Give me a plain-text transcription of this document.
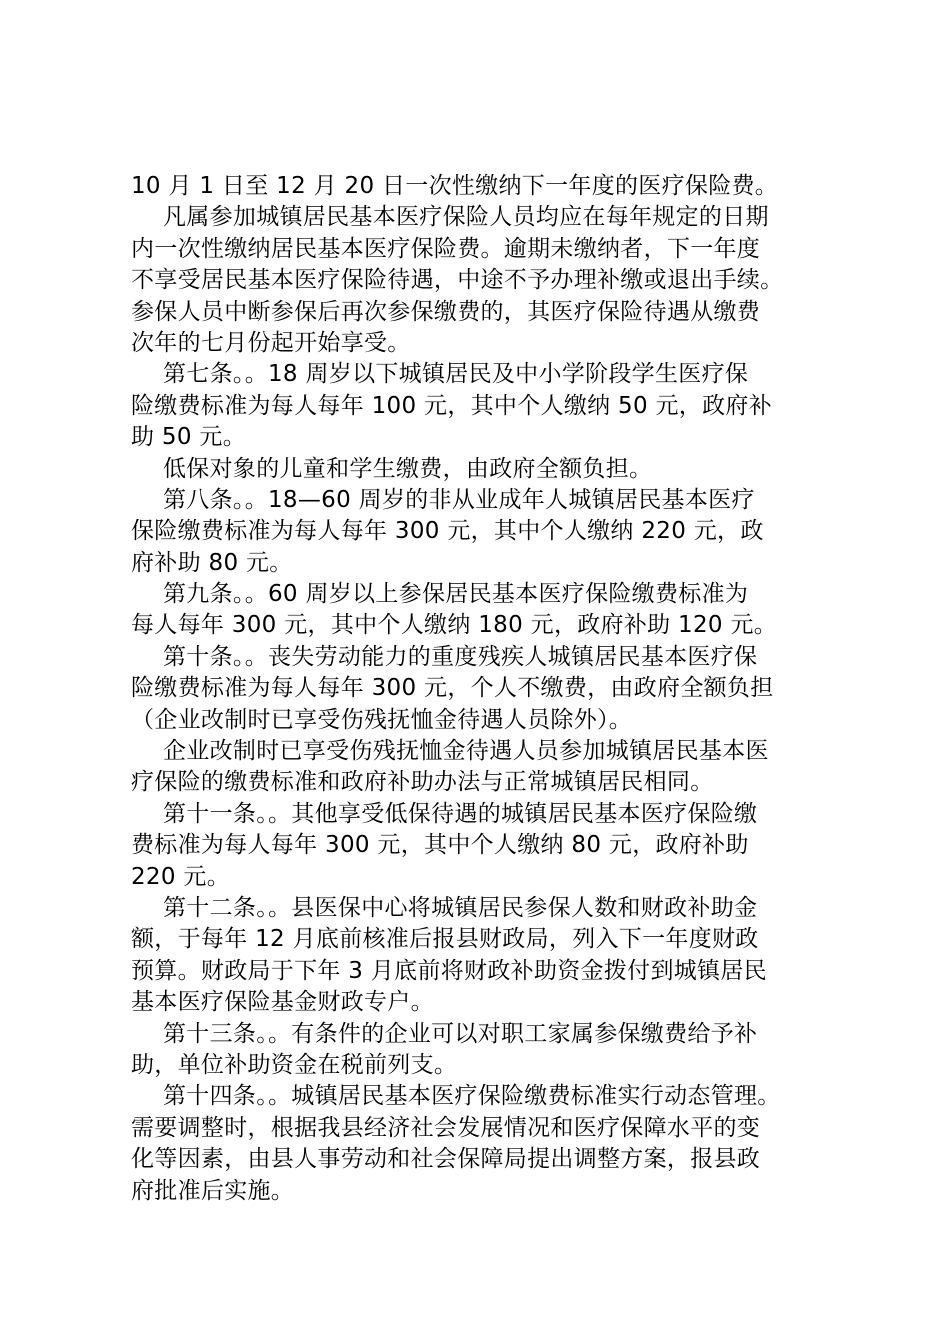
10 月 1 日至 12 月 20 日一次性缴纳下一年度的医疗保险费。
凡属参加城镇居民基本医疗保险人员均应在每年规定的日期
内一次性缴纳居民基本医疗保险费。逾期未缴纳者，下一年度
不享受居民基本医疗保险待遇，中途不予办理补缴或退出手续。
参保人员中断参保后再次参保缴费的，其医疗保险待遇从缴费
次年的七月份起开始享受。
第七条。。18 周岁以下城镇居民及中小学阶段学生医疗保
险缴费标准为每人每年 100 元，其中个人缴纳 50 元，政府补
助 50 元。
低保对象的儿童和学生缴费，由政府全额负担。
第八条。。18—60 周岁的非从业成年人城镇居民基本医疗
保险缴费标准为每人每年 300 元，其中个人缴纳 220 元，政
府补助 80 元。
第九条。。60 周岁以上参保居民基本医疗保险缴费标准为
每人每年 300 元，其中个人缴纳 180 元，政府补助 120 元。
第十条。。丧失劳动能力的重度残疾人城镇居民基本医疗保
险缴费标准为每人每年 300 元，个人不缴费，由政府全额负担
（企业改制时已享受伤残抚恤金待遇人员除外）。
企业改制时已享受伤残抚恤金待遇人员参加城镇居民基本医
疗保险的缴费标准和政府补助办法与正常城镇居民相同。
第十一条。。其他享受低保待遇的城镇居民基本医疗保险缴
费标准为每人每年 300 元，其中个人缴纳 80 元，政府补助
220 元。
第十二条。。县医保中心将城镇居民参保人数和财政补助金
额，于每年 12 月底前核准后报县财政局，列入下一年度财政
预算。财政局于下年 3 月底前将财政补助资金拨付到城镇居民
基本医疗保险基金财政专户。
第十三条。。有条件的企业可以对职工家属参保缴费给予补
助，单位补助资金在税前列支。
第十四条。。城镇居民基本医疗保险缴费标准实行动态管理。
需要调整时，根据我县经济社会发展情况和医疗保障水平的变
化等因素，由县人事劳动和社会保障局提出调整方案，报县政
府批准后实施。
